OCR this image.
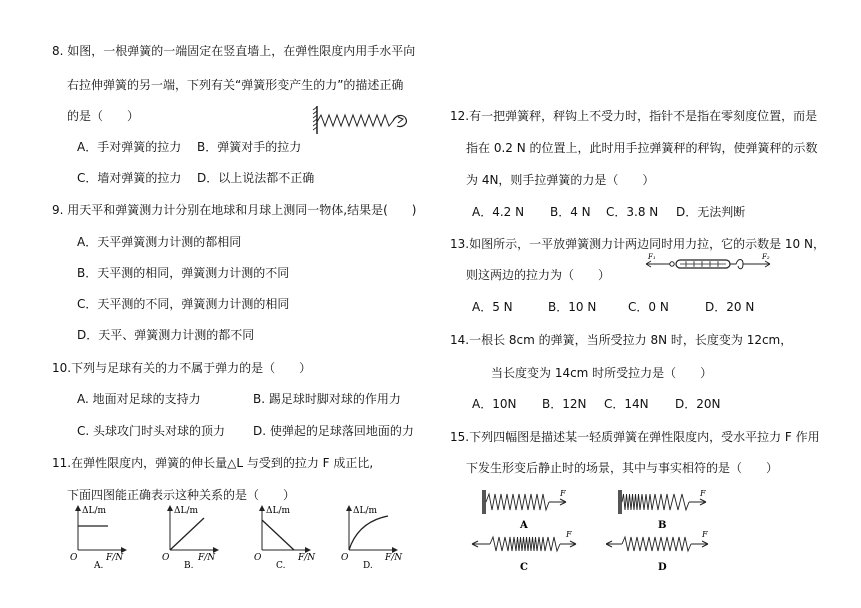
8. 如图，一根弹簧的一端固定在竖直墙上，在弹性限度内用手水平向
右拉伸弹簧的另一端，下列有关“弹簧形变产生的力”的描述正确
的是（　　）
A．手对弹簧的拉力 B．弹簧对手的拉力
C．墙对弹簧的拉力 D．以上说法都不正确
9. 用天平和弹簧测力计分别在地球和月球上测同一物体,结果是(　　)
A．天平弹簧测力计测的都相同
B．天平测的相同，弹簧测力计测的不同
C．天平测的不同，弹簧测力计测的相同
D．天平、弹簧测力计测的都不同
10.下列与足球有关的力不属于弹力的是（　　）
A. 地面对足球的支持力	B. 踢足球时脚对球的作用力
C. 头球攻门时头对球的顶力 D. 使弹起的足球落回地面的力
11.在弹性限度内，弹簧的伸长量△L 与受到的拉力 F 成正比,
下面四图能正确表示这种关系的是（　　）
ΔL/m
F/N
O
A.
ΔL/m
F/N
O
B.
ΔL/m
F/N
O
C.
ΔL/m
F/N
O
D.
12.有一把弹簧秤，秤钩上不受力时，指针不是指在零刻度位置，而是
指在 0.2 N 的位置上，此时用手拉弹簧秤的秤钩，使弹簧秤的示数
为 4N，则手拉弹簧的力是（　　）
A．4.2 N B．4 N C．3.8 N D．无法判断
13.如图所示，一平放弹簧测力计两边同时用力拉，它的示数是 10 N，
则这两边的拉力为（　　）
F₁	F₂
A．5 N	B．10 N	C．0 N	D．20 N
14.一根长 8cm 的弹簧，当所受拉力 8N 时，长度变为 12cm，
当长度变为 14cm 时所受拉力是（　　）
A．10N B．12N C．14N D．20N
15.下列四幅图是描述某一轻质弹簧在弹性限度内，受水平拉力 F 作用
下发生形变后静止时的场景，其中与事实相符的是（　　）
F
A
F
B
F
C
F
D
